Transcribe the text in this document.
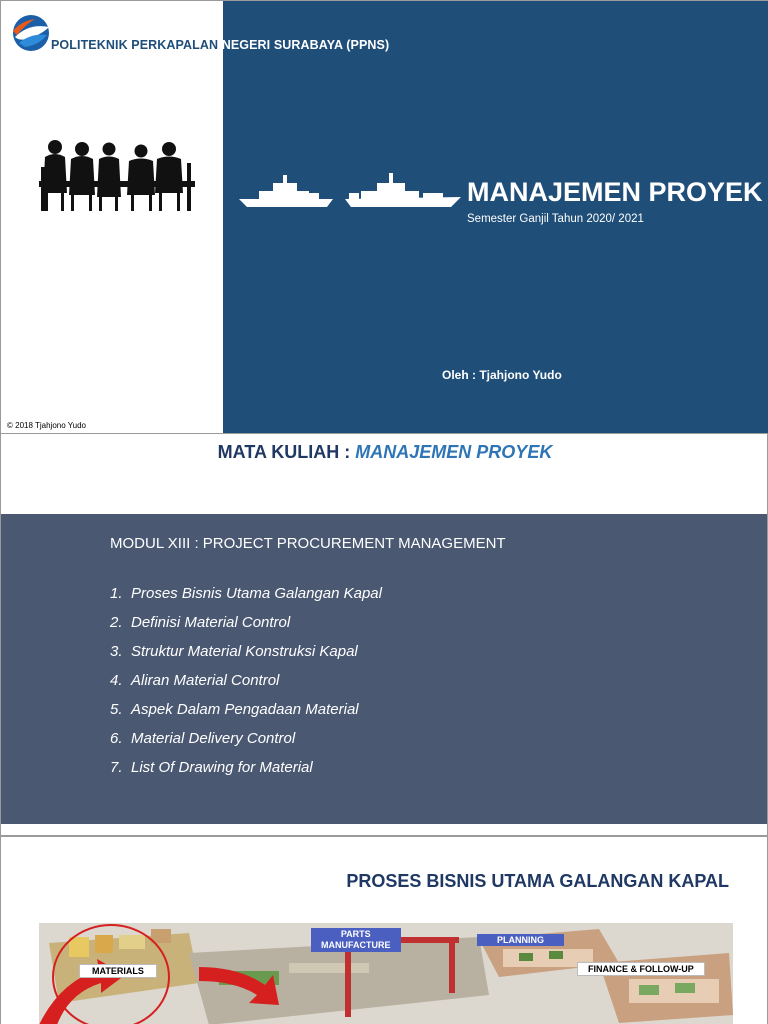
POLITEKNIK PERKAPALAN NEGERI SURABAYA (PPNS)
MANAJEMEN PROYEK
Semester Ganjil Tahun 2020/ 2021
Oleh : Tjahjono Yudo
© 2018 Tjahjono Yudo
MATA KULIAH : MANAJEMEN PROYEK
MODUL XIII : PROJECT PROCUREMENT MANAGEMENT
1. Proses Bisnis Utama Galangan Kapal
2. Definisi Material Control
3. Struktur Material Konstruksi Kapal
4. Aliran Material Control
5. Aspek Dalam Pengadaan Material
6. Material Delivery Control
7. List Of Drawing for Material
PROSES BISNIS UTAMA GALANGAN KAPAL
MATERIALS
PARTS
MANUFACTURE	PLANNING
FINANCE & FOLLOW-UP
